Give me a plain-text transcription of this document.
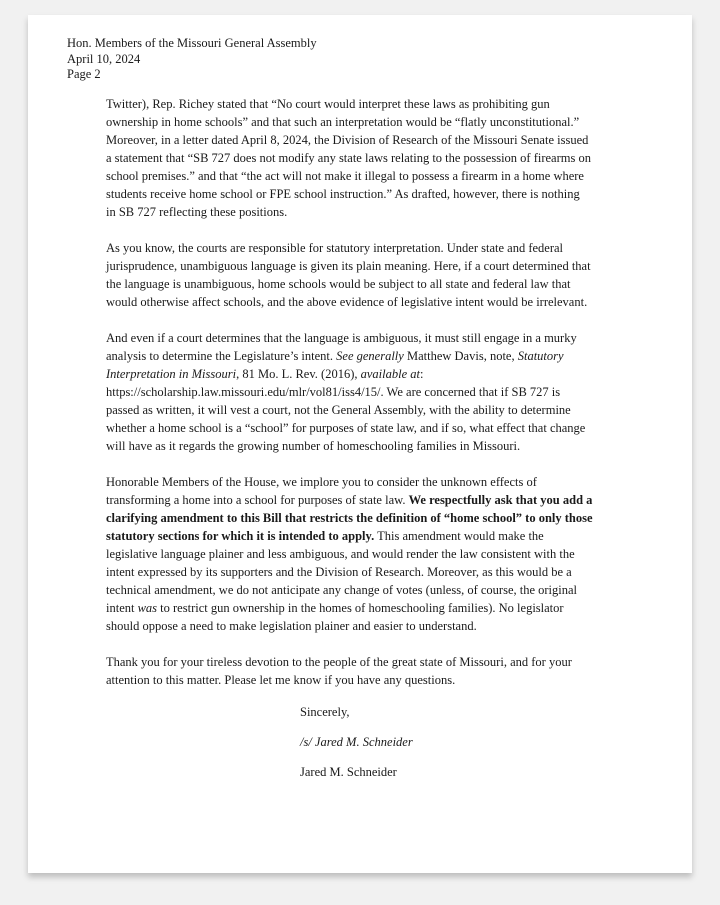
Hon. Members of the Missouri General Assembly
April 10, 2024
Page 2

Twitter), Rep. Richey stated that “No court would interpret these laws as prohibiting gun
ownership in home schools” and that such an interpretation would be “flatly unconstitutional.”
Moreover, in a letter dated April 8, 2024, the Division of Research of the Missouri Senate issued
a statement that “SB 727 does not modify any state laws relating to the possession of firearms on
school premises.” and that “the act will not make it illegal to possess a firearm in a home where
students receive home school or FPE school instruction.” As drafted, however, there is nothing
in SB 727 reflecting these positions.

As you know, the courts are responsible for statutory interpretation. Under state and federal
jurisprudence, unambiguous language is given its plain meaning. Here, if a court determined that
the language is unambiguous, home schools would be subject to all state and federal law that
would otherwise affect schools, and the above evidence of legislative intent would be irrelevant.

And even if a court determines that the language is ambiguous, it must still engage in a murky
analysis to determine the Legislature’s intent. See generally Matthew Davis, note, Statutory
Interpretation in Missouri, 81 Mo. L. Rev. (2016), available at:
https://scholarship.law.missouri.edu/mlr/vol81/iss4/15/. We are concerned that if SB 727 is
passed as written, it will vest a court, not the General Assembly, with the ability to determine
whether a home school is a “school” for purposes of state law, and if so, what effect that change
will have as it regards the growing number of homeschooling families in Missouri.

Honorable Members of the House, we implore you to consider the unknown effects of
transforming a home into a school for purposes of state law. We respectfully ask that you add a
clarifying amendment to this Bill that restricts the definition of “home school” to only those
statutory sections for which it is intended to apply. This amendment would make the
legislative language plainer and less ambiguous, and would render the law consistent with the
intent expressed by its supporters and the Division of Research. Moreover, as this would be a
technical amendment, we do not anticipate any change of votes (unless, of course, the original
intent was to restrict gun ownership in the homes of homeschooling families). No legislator
should oppose a need to make legislation plainer and easier to understand.

Thank you for your tireless devotion to the people of the great state of Missouri, and for your
attention to this matter. Please let me know if you have any questions.

Sincerely,
/s/ Jared M. Schneider
Jared M. Schneider
